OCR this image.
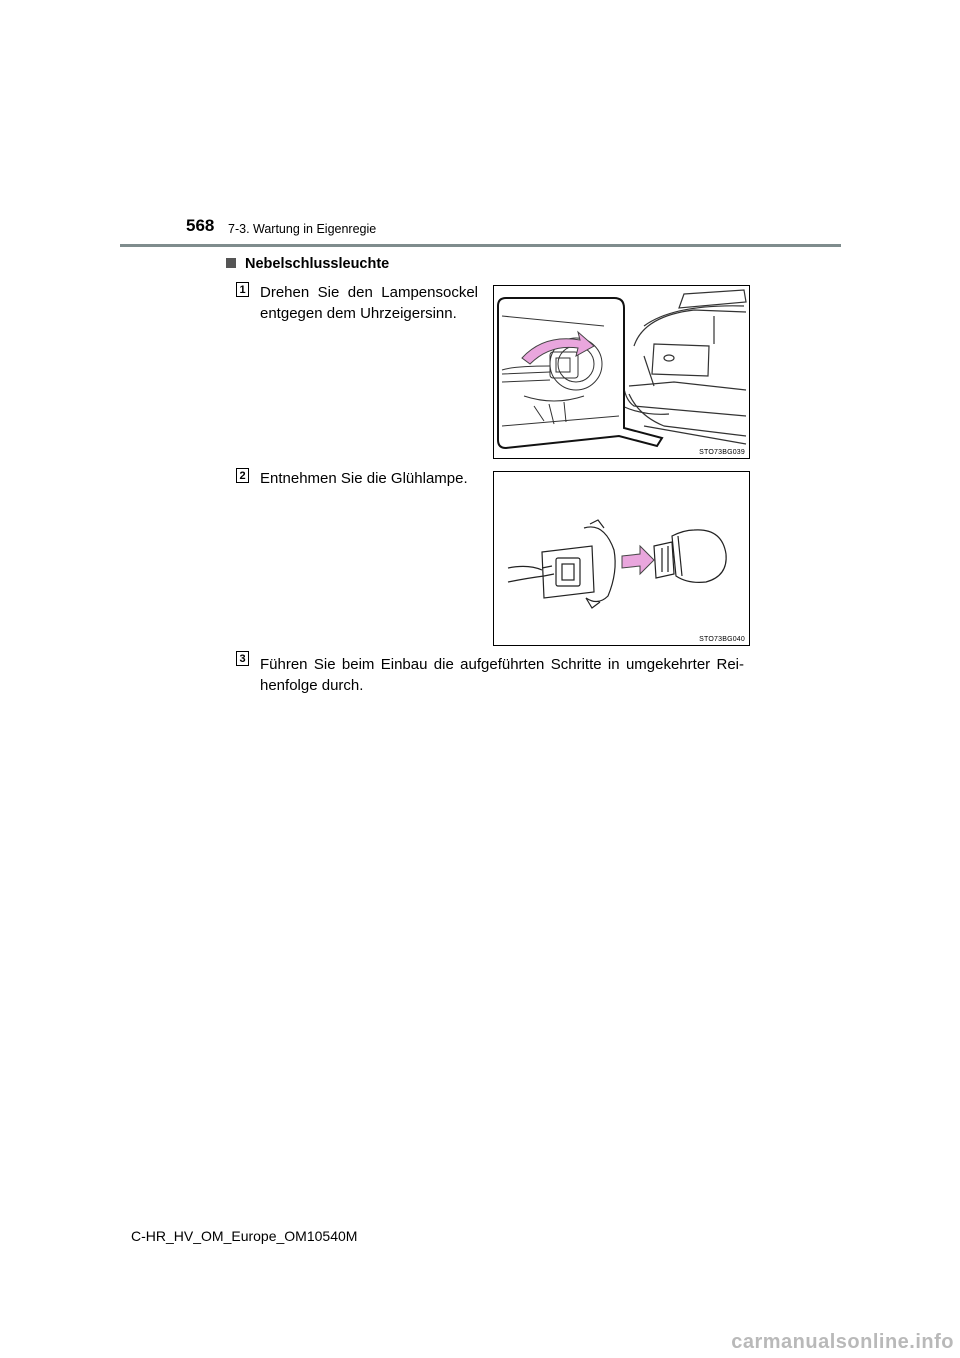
568 7-3. Wartung in Eigenregie
Nebelschlussleuchte
1 Drehen Sie den Lampensockel entgegen dem Uhrzeigersinn.
STO73BG039
2 Entnehmen Sie die Glühlampe.
STO73BG040
3 Führen Sie beim Einbau die aufgeführten Schritte in umgekehrter Rei-henfolge durch.
C-HR_HV_OM_Europe_OM10540M
carmanualsonline.info
